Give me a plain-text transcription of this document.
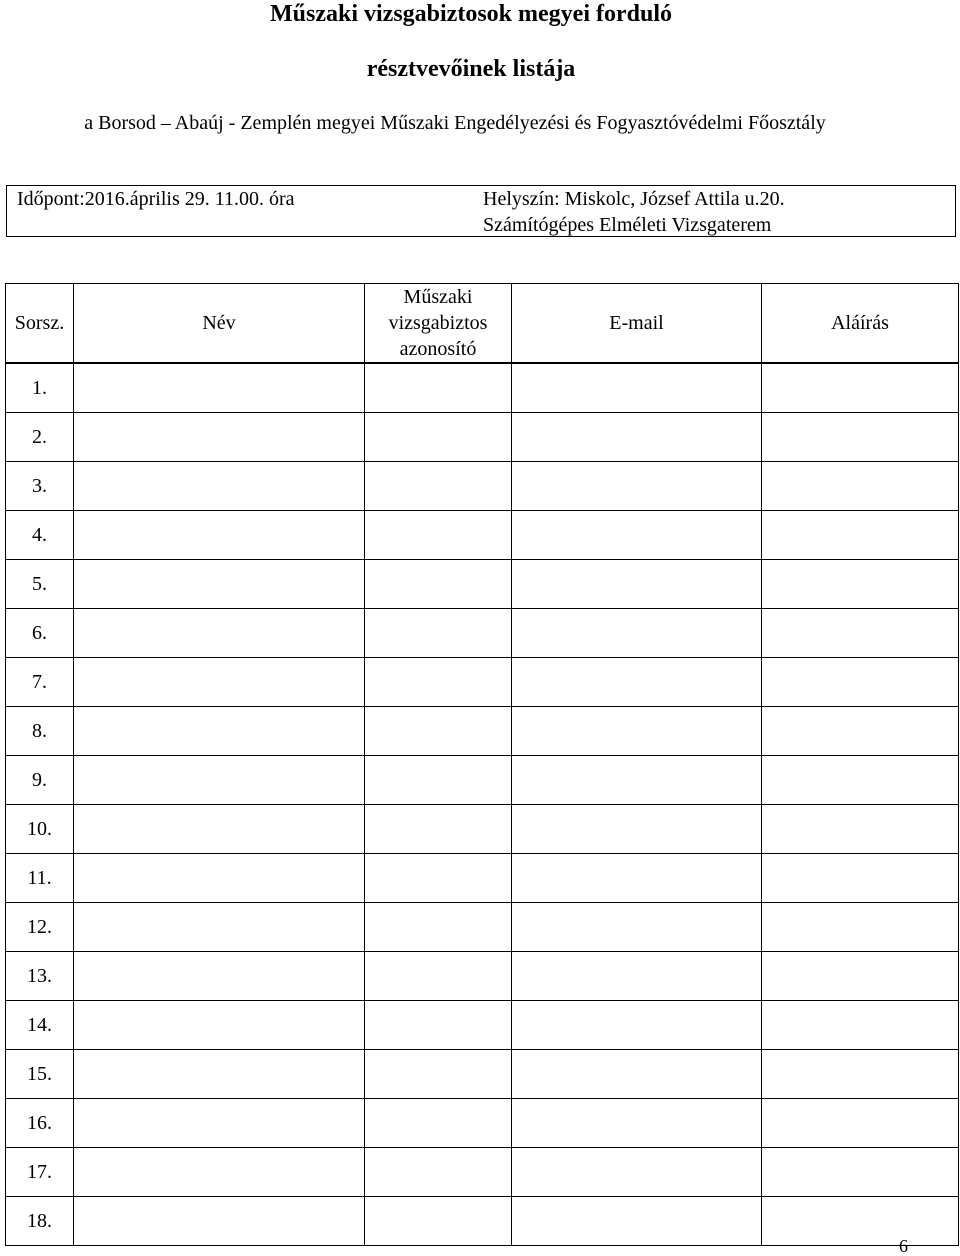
Műszaki vizsgabiztosok megyei forduló
résztvevőinek listája
a Borsod – Abaúj - Zemplén megyei Műszaki Engedélyezési és Fogyasztóvédelmi Főosztály
Időpont:2016.április 29. 11.00. óra	Helyszín: Miskolc, József Attila u.20.
Számítógépes Elméleti Vizsgaterem
Sorsz.	Név	Műszaki vizsgabiztos azonosító	E-mail	Aláírás
1.				
2.				
3.				
4.				
5.				
6.				
7.				
8.				
9.				
10.				
11.				
12.				
13.				
14.				
15.				
16.				
17.				
18.				
6
